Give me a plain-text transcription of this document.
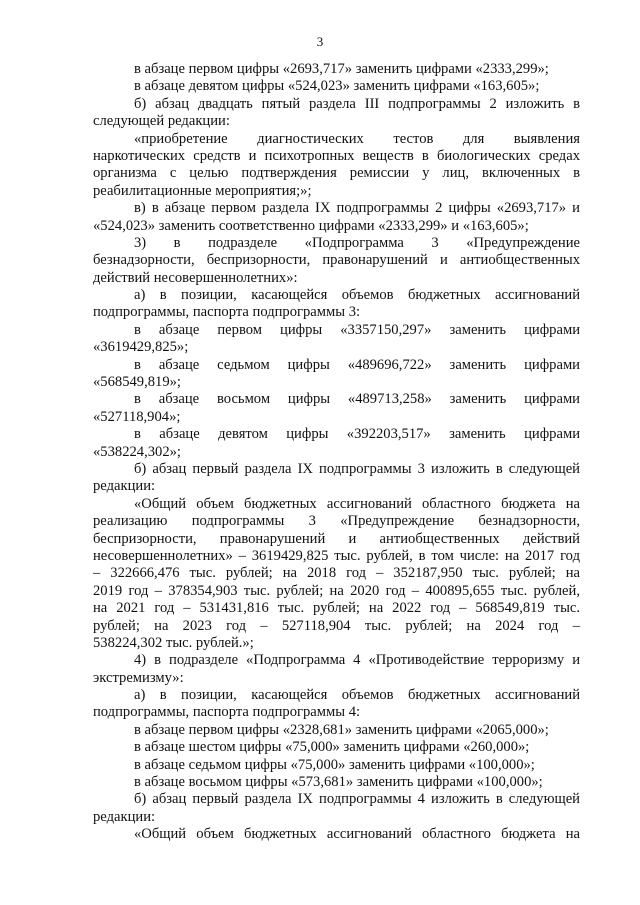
3
в абзаце первом цифры «2693,717» заменить цифрами «2333,299»;
в абзаце девятом цифры «524,023» заменить цифрами «163,605»;
б) абзац двадцать пятый раздела III подпрограммы 2 изложить в
следующей редакции:
«приобретение диагностических тестов для выявления
наркотических средств и психотропных веществ в биологических средах
организма с целью подтверждения ремиссии у лиц, включенных в
реабилитационные мероприятия;»;
в) в абзаце первом раздела IX подпрограммы 2 цифры «2693,717» и
«524,023» заменить соответственно цифрами «2333,299» и «163,605»;
3) в подразделе «Подпрограмма 3 «Предупреждение
безнадзорности, беспризорности, правонарушений и антиобщественных
действий несовершеннолетних»:
а) в позиции, касающейся объемов бюджетных ассигнований
подпрограммы, паспорта подпрограммы 3:
в абзаце первом цифры «3357150,297» заменить цифрами
«3619429,825»;
в абзаце седьмом цифры «489696,722» заменить цифрами
«568549,819»;
в абзаце восьмом цифры «489713,258» заменить цифрами
«527118,904»;
в абзаце девятом цифры «392203,517» заменить цифрами
«538224,302»;
б) абзац первый раздела IX подпрограммы 3 изложить в следующей
редакции:
«Общий объем бюджетных ассигнований областного бюджета на
реализацию подпрограммы 3 «Предупреждение безнадзорности,
беспризорности, правонарушений и антиобщественных действий
несовершеннолетних» – 3619429,825 тыс. рублей, в том числе: на 2017 год
– 322666,476 тыс. рублей; на 2018 год – 352187,950 тыс. рублей; на
2019 год – 378354,903 тыс. рублей; на 2020 год – 400895,655 тыс. рублей,
на 2021 год – 531431,816 тыс. рублей; на 2022 год – 568549,819 тыс.
рублей; на 2023 год – 527118,904 тыс. рублей; на 2024 год –
538224,302 тыс. рублей.»;
4) в подразделе «Подпрограмма 4 «Противодействие терроризму и
экстремизму»:
а) в позиции, касающейся объемов бюджетных ассигнований
подпрограммы, паспорта подпрограммы 4:
в абзаце первом цифры «2328,681» заменить цифрами «2065,000»;
в абзаце шестом цифры «75,000» заменить цифрами «260,000»;
в абзаце седьмом цифры «75,000» заменить цифрами «100,000»;
в абзаце восьмом цифры «573,681» заменить цифрами «100,000»;
б) абзац первый раздела IX подпрограммы 4 изложить в следующей
редакции:
«Общий объем бюджетных ассигнований областного бюджета на
